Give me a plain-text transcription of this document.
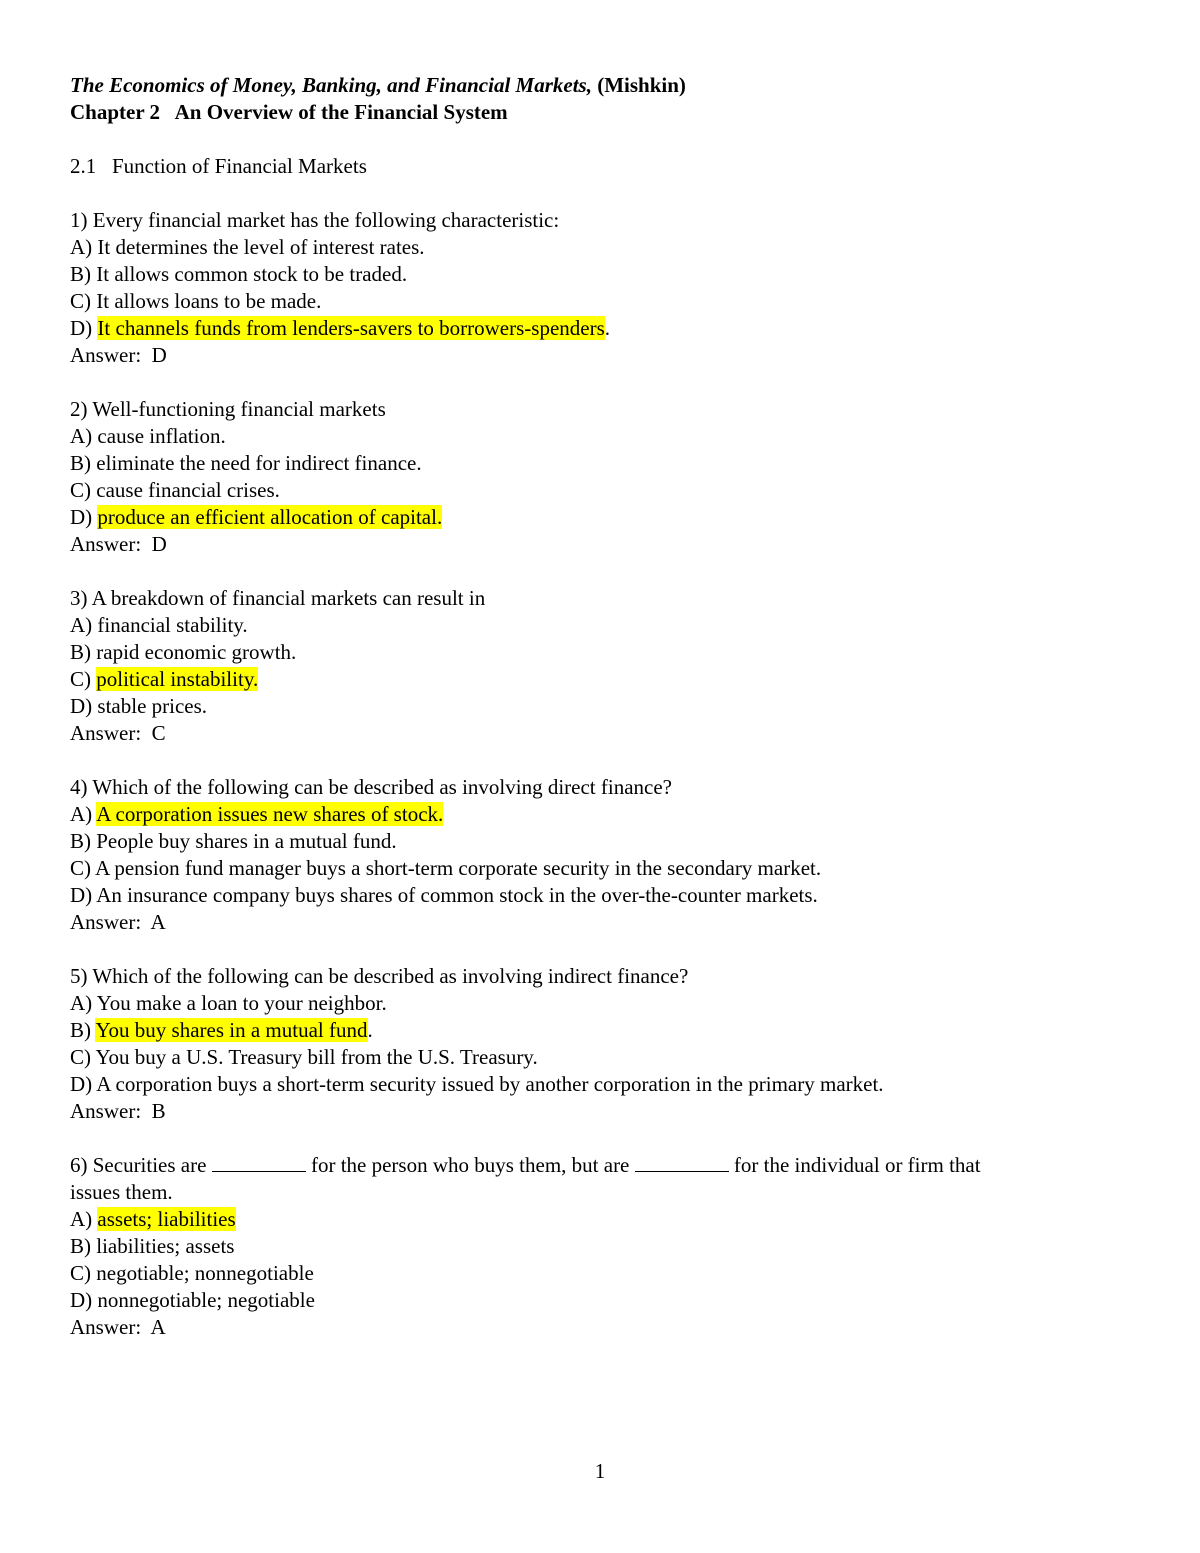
The Economics of Money, Banking, and Financial Markets, (Mishkin)

Chapter 2   An Overview of the Financial System

2.1   Function of Financial Markets

1) Every financial market has the following characteristic:

A) It determines the level of interest rates.

B) It allows common stock to be traded.

C) It allows loans to be made.

D) It channels funds from lenders-savers to borrowers-spenders.

Answer:  D

2) Well-functioning financial markets

A) cause inflation.

B) eliminate the need for indirect finance.

C) cause financial crises.

D) produce an efficient allocation of capital.

Answer:  D

3) A breakdown of financial markets can result in

A) financial stability.

B) rapid economic growth.

C) political instability.

D) stable prices.

Answer:  C

4) Which of the following can be described as involving direct finance?

A) A corporation issues new shares of stock.

B) People buy shares in a mutual fund.

C) A pension fund manager buys a short-term corporate security in the secondary market.

D) An insurance company buys shares of common stock in the over-the-counter markets.

Answer:  A

5) Which of the following can be described as involving indirect finance?

A) You make a loan to your neighbor.

B) You buy shares in a mutual fund.

C) You buy a U.S. Treasury bill from the U.S. Treasury.

D) A corporation buys a short-term security issued by another corporation in the primary market.

Answer:  B

6) Securities are	for the person who buys them, but are	for the individual or firm that

issues them.

A) assets; liabilities

B) liabilities; assets

C) negotiable; nonnegotiable

D) nonnegotiable; negotiable

Answer:  A

1
